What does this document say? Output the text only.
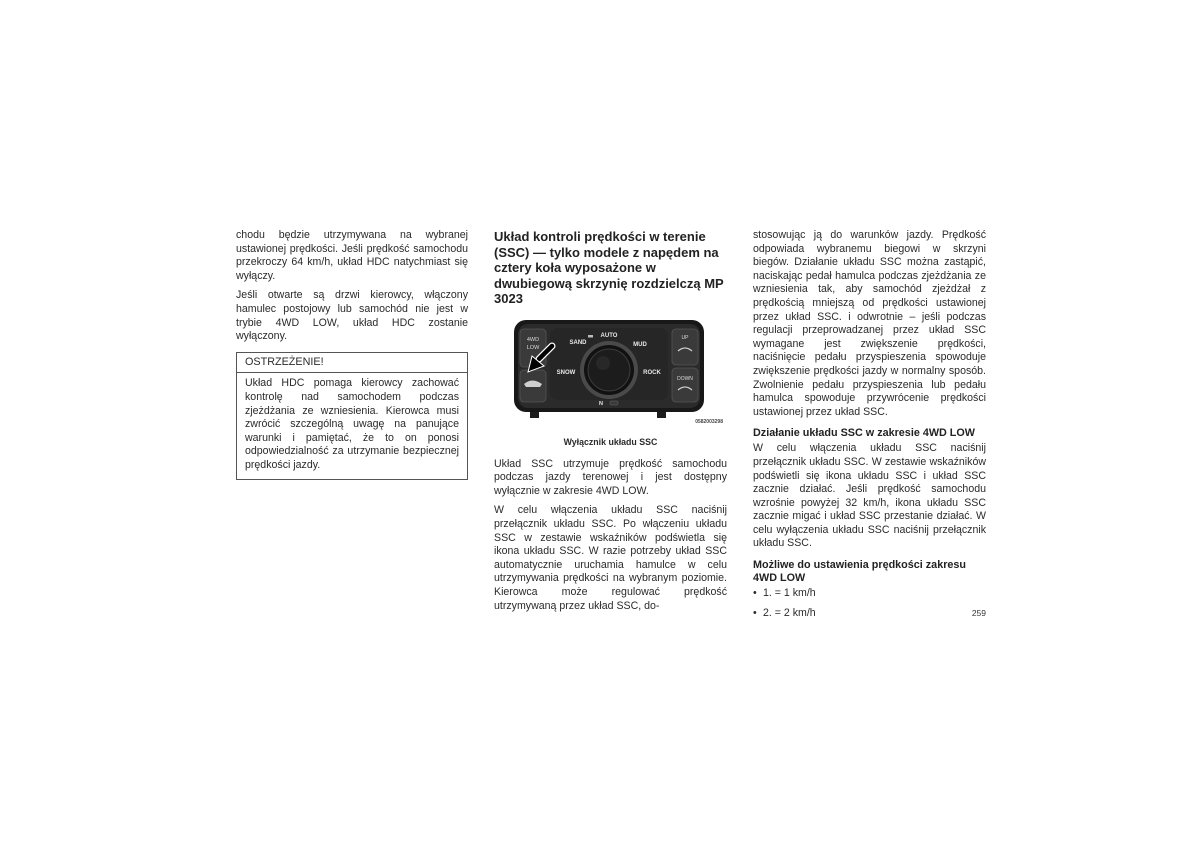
chodu będzie utrzymywana na wybranej ustawionej prędkości. Jeśli prędkość samochodu przekroczy 64 km/h, układ HDC natychmiast się wyłączy.

Jeśli otwarte są drzwi kierowcy, włączony hamulec postojowy lub samochód nie jest w trybie 4WD LOW, układ HDC zostanie wyłączony.

OSTRZEŻENIE!
Układ HDC pomaga kierowcy zachować kontrolę nad samochodem podczas zjeżdżania ze wzniesienia. Kierowca musi zwrócić szczególną uwagę na panujące warunki i pamiętać, że to on ponosi odpowiedzialność za utrzymanie bezpiecznej prędkości jazdy.
Układ kontroli prędkości w terenie (SSC) — tylko modele z napędem na cztery koła wyposażone w dwubiegową skrzynię rozdzielczą MP 3023
4WD
LOW
UP
DOWN
AUTO
SAND	MUD
SNOW	ROCK
N
0582003298
Wyłącznik układu SSC

Układ SSC utrzymuje prędkość samochodu podczas jazdy terenowej i jest dostępny wyłącznie w zakresie 4WD LOW.

W celu włączenia układu SSC naciśnij przełącznik układu SSC. Po włączeniu układu SSC w zestawie wskaźników podświetla się ikona układu SSC. W razie potrzeby układ SSC automatycznie uruchamia hamulce w celu utrzymywania prędkości na wybranym poziomie. Kierowca może regulować prędkość utrzymywaną przez układ SSC, do-

stosowując ją do warunków jazdy. Prędkość odpowiada wybranemu biegowi w skrzyni biegów. Działanie układu SSC można zastąpić, naciskając pedał hamulca podczas zjeżdżania ze wzniesienia tak, aby samochód zjeżdżał z prędkością mniejszą od prędkości ustawionej przez układ SSC. i odwrotnie – jeśli podczas regulacji przeprowadzanej przez układ SSC wymagane jest zwiększenie prędkości, naciśnięcie pedału przyspieszenia spowoduje zwiększenie prędkości jazdy w normalny sposób. Zwolnienie pedału przyspieszenia lub pedału hamulca spowoduje przywrócenie prędkości ustawionej przez układ SSC.

Działanie układu SSC w zakresie 4WD LOW

W celu włączenia układu SSC naciśnij przełącznik układu SSC. W zestawie wskaźników podświetli się ikona układu SSC i układ SSC zacznie działać. Jeśli prędkość samochodu wzrośnie powyżej 32 km/h, ikona układu SSC zacznie migać i układ SSC przestanie działać. W celu wyłączenia układu SSC naciśnij przełącznik układu SSC.

Możliwe do ustawienia prędkości zakresu 4WD LOW
• 1. = 1 km/h
• 2. = 2 km/h	259
